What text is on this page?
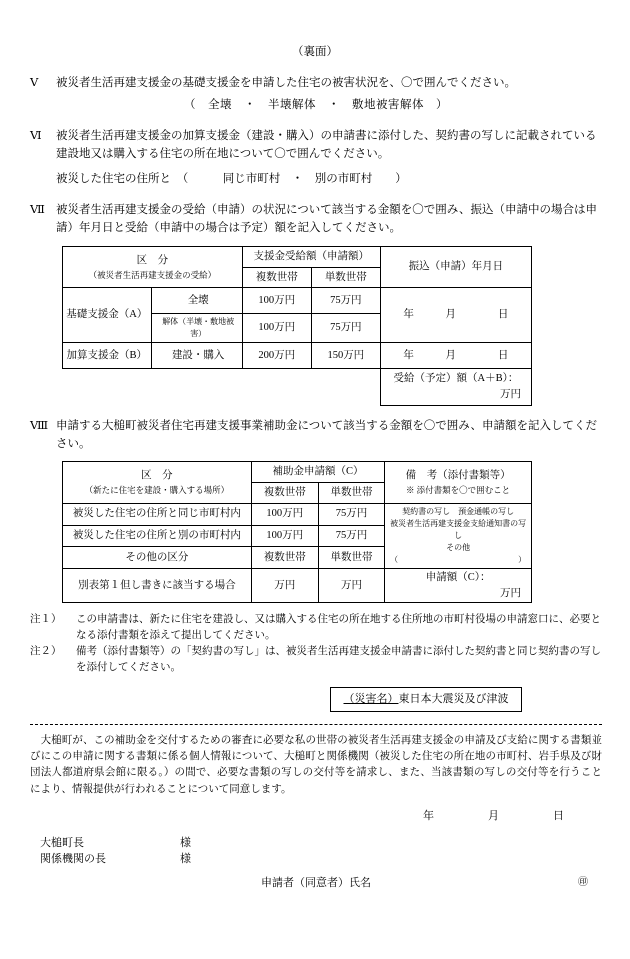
（裏面）
Ⅴ	被災者生活再建支援金の基礎支援金を申請した住宅の被害状況を、〇で囲んでください。
（　全壊　・　半壊解体　・　敷地被害解体　）
Ⅵ	被災者生活再建支援金の加算支援金（建設・購入）の申請書に添付した、契約書の写しに記載されている建設地又は購入する住宅の所在地について〇で囲んでください。
被災した住宅の住所と　（　　　同じ市町村　・　別の市町村　　）
Ⅶ 被災者生活再建支援金の受給（申請）の状況について該当する金額を〇で囲み、振込（申請中の場合は申請）年月日と受給（申請中の場合は予定）額を記入してください。
区　分
（被災者生活再建支援金の受給）		支援金受給額（申請額）		振込（申請）年月日
		複数世帯	単数世帯	
基礎支援金（A）	全壊	100万円	75万円	年　　　月　　　　日
	解体（半壊・敷地被害）	100万円	75万円	
加算支援金（B）	建設・購入	200万円	150万円	年　　　月　　　　日

				受給（予定）額（A＋B）：
万円
Ⅷ 申請する大槌町被災者住宅再建支援事業補助金について該当する金額を〇で囲み、申請額を記入してください。
区　分
（新たに住宅を建設・購入する場所）
	補助金申請額（C）	備　考（添付書類等）
※ 添付書類を〇で囲むこと

	複数世帯	単数世帯	
被災した住宅の住所と同じ市町村内	100万円	75万円	契約書の写し　預金通帳の写し
被災者生活再建支援金支給通知書の写し
その他（　　　　　　　　　　　　　　　）

被災した住宅の住所と別の市町村内	100万円	75万円	
その他の区分	複数世帯	単数世帯	
別表第１但し書きに該当する場合	万円	万円	申請額（C）：
万円
注１）	この申請書は、新たに住宅を建設し、又は購入する住宅の所在地する住所地の市町村役場の申請窓口に、必要となる添付書類を添えて提出してください。
注２）	備考（添付書類等）の「契約書の写し」は、被災者生活再建支援金申請書に添付した契約書と同じ契約書の写しを添付してください。
（災害名）東日本大震災及び津波
　大槌町が、この補助金を交付するための審査に必要な私の世帯の被災者生活再建支援金の申請及び支給に関する書類並びにこの申請に関する書類に係る個人情報について、大槌町と関係機関（被災した住宅の所在地の市町村、岩手県及び財団法人都道府県会館に限る。）の間で、必要な書類の写しの交付等を請求し、また、当該書類の写しの交付等を行うことにより、情報提供が行われることについて同意します。
年　　　　月　　　　日
大槌町長	様
関係機関の長	様
申請者（同意者）氏名	㊞
